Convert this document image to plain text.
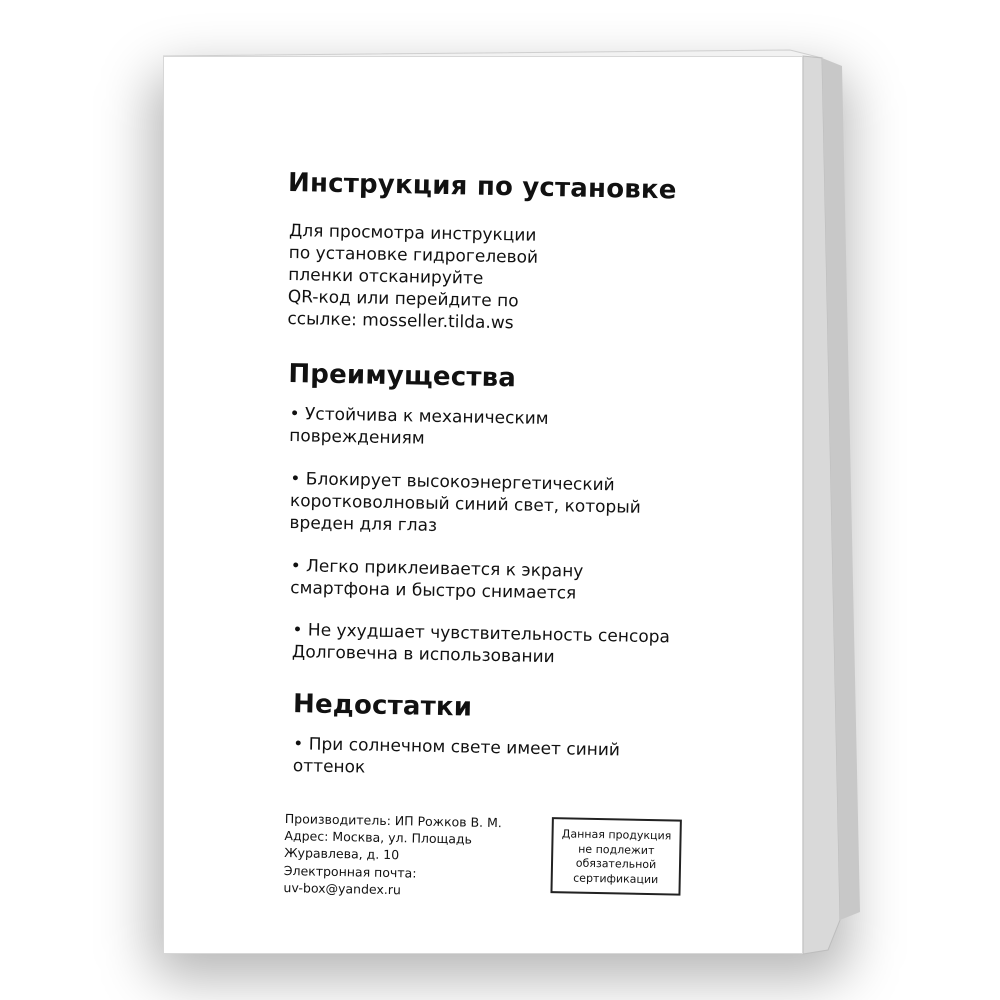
Инструкция по установке
Для просмотра инструкции
по установке гидрогелевой
пленки отсканируйте
QR-код или перейдите по
ссылке: mosseller.tilda.ws
Преимущества
• Устойчива к механическим
повреждениям
• Блокирует высокоэнергетический
коротковолновый синий свет, который
вреден для глаз
• Легко приклеивается к экрану
смартфона и быстро снимается
• Не ухудшает чувствительность сенсора
Долговечна в использовании
Недостатки
• При солнечном свете имеет синий
оттенок
Производитель: ИП Рожков В. М.
Адрес: Москва, ул. Площадь
Журавлева, д. 10
Электронная почта:
uv-box@yandex.ru
Данная продукция
не подлежит
обязательной
сертификации
